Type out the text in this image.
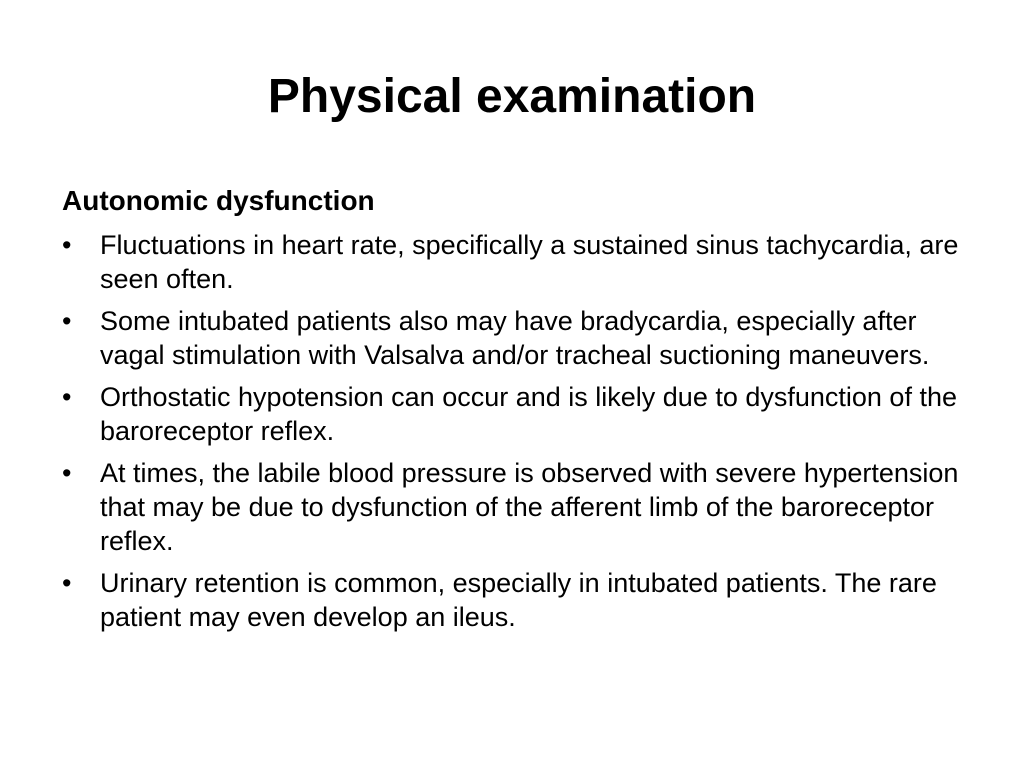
Physical examination
Autonomic dysfunction
•	Fluctuations in heart rate, specifically a sustained sinus tachycardia, are seen often.
•	Some intubated patients also may have bradycardia, especially after vagal stimulation with Valsalva and/or tracheal suctioning maneuvers.
•	Orthostatic hypotension can occur and is likely due to dysfunction of the baroreceptor reflex.
•	At times, the labile blood pressure is observed with severe hypertension that may be due to dysfunction of the afferent limb of the baroreceptor reflex.
•	Urinary retention is common, especially in intubated patients. The rare patient may even develop an ileus.
